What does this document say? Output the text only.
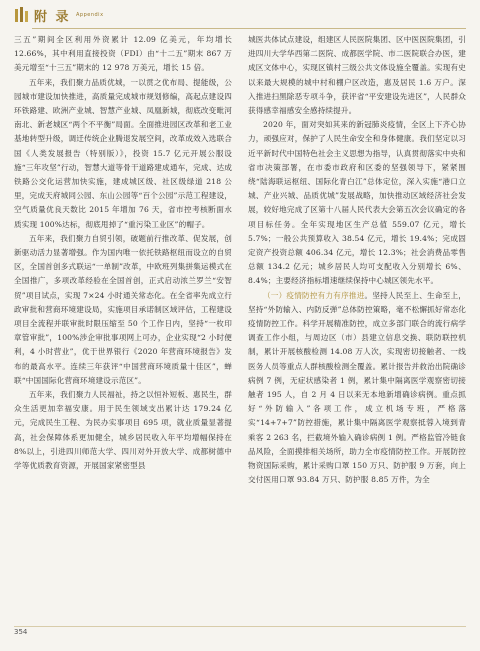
附 录 Appendix

三五”期间全区利用外资累计 12.09 亿美元，年均增长 12.66%，其中利用直接投资（FDI）由“十二五”期末 867 万美元增至“十三五”期末的 12 978 万美元，增长 15 倍。

五年来，我们聚力品质优城，一以贯之优布局、提能级，公园城市建设加快推进，高质量完成城市规划修编，高起点建设四环铁路建、欧洲产业城、智慧产业城、凤凰新城，彻底改变毗河南北、新老城区“两个不平衡”局面。全面推进园区改革和老工业基地转型升级，调迁传统企业腾退发展空间，改革成效入选联合国《人类发展报告（特别版）》，投资 15.7 亿元开展公服设施“三年攻坚”行动，智慧大道等骨干道路建成通车，完成、达成铁路公交化运营加快实施，建成城区级、社区级绿道 218 公里，完成天府城同公园、东山公园等“百个公园”示范工程建设，空气质量优良天数比 2015 年增加 76 天，省市控考核断面水质实现 100%达标，彻底甩掉了“重污染工业区”的帽子。

五年来，我们聚力自贸引领，破题前行推改革、促发展，创新驱动活力显著增强。作为国内唯一依托铁路枢纽而设立的自贸区，全国首创多式联运“一单制”改革，中欧班列集拼集运模式在全国推广，多项改革经验在全国首创，正式启动浓兰罗兰“安智贸”项目试点，实现 7×24 小时通关常态化。在全省率先成立行政审批和营商环境建设局，实施项目承诺制区域评估，工程建设项目全流程并联审批时限压缩至 50 个工作日内，坚持“一枚印章管审批”，100%涉企审批事项网上可办，企业实现“2 小时便利，4 小时营业”，优于世界银行《2020 年营商环境报告》发布的最高水平。连续三年获评“中国营商环境质量十佳区”，蝉联“中国国际化营商环境建设示范区”。

五年来，我们聚力人民福祉，持之以恒补短板、惠民生，群众生活更加幸福安康。用于民生领域支出累计达 179.24 亿元，完成民生工程、为民办实事项目 695 项，就业质量显著提高，社会保障体系更加健全，城乡居民收入年平均增幅保持在 8%以上，引进四川师范大学、四川对外开放大学、成都树德中学等优质教育资源，开展国家紧密型县

城医共体试点建设，组建区人民医院集团、区中医医院集团，引进四川大学华西第二医院、成都医学院、市二医院联合办医，建成区文体中心，实现区镇村三级公共文体设施全覆盖。实现有史以来最大规模的城中村和棚户区改造，惠及居民 1.6 万户。深入推进扫黑除恶专项斗争，获评省“平安建设先进区”，人民群众获得感幸福感安全感持续提升。

2020 年，面对突如其来的新冠肺炎疫情，全区上下齐心协力，顽强应对，保护了人民生命安全和身体健康。我们坚定以习近平新时代中国特色社会主义思想为指导，认真贯彻落实中央和省市决策部署，在市委市政府和区委的坚强领导下，紧紧围绕“陆海联运枢纽、国际化青白江”总体定位，深入实施“港口立城、产业兴城、品质优城”发展战略，加快推动区域经济社会发展，较好地完成了区第十八届人民代表大会第五次会议确定的各项目标任务。全年实现地区生产总值 559.07 亿元，增长 5.7%；一般公共预算收入 38.54 亿元，增长 19.4%；完成固定资产投资总额 406.34 亿元，增长 12.3%；社会消费品零售总额 134.2 亿元；城乡居民人均可支配收入分别增长 6%、8.4%；主要经济指标增速继续保持中心城区领先水平。

（一）疫情防控有力有序推进。坚持人民至上、生命至上，坚持“外防输入、内防反弹”总体防控策略，毫不松懈抓好常态化疫情防控工作。科学开展精准防控，成立多部门联合的流行病学调查工作小组，与周边区（市）县建立信息交换、联防联控机制，累计开展核酸检测 14.08 万人次，实现密切接触者、一线医务人员等重点人群核酸检测全覆盖。累计报告并救治出院确诊病例 7 例，无症状感染者 1 例，累计集中隔离医学观察密切接触者 195 人，自 2 月 4 日以来无本地新增确诊病例。重点抓好“外防输入”各项工作，成立机场专班，严格落实“14+7+7”防控措施，累计集中隔离医学观察抵蓉入境到青乘客 2 263 名，拦截境外输入确诊病例 1 例。严格监管冷链食品风险，全面摸排相关场所，助力全市疫情防控工作。开展防控物资国际采购，累计采购口罩 150 万只、防护服 9 万套，向上交付医用口罩 93.84 万只、防护服 8.85 万件，为全

354
